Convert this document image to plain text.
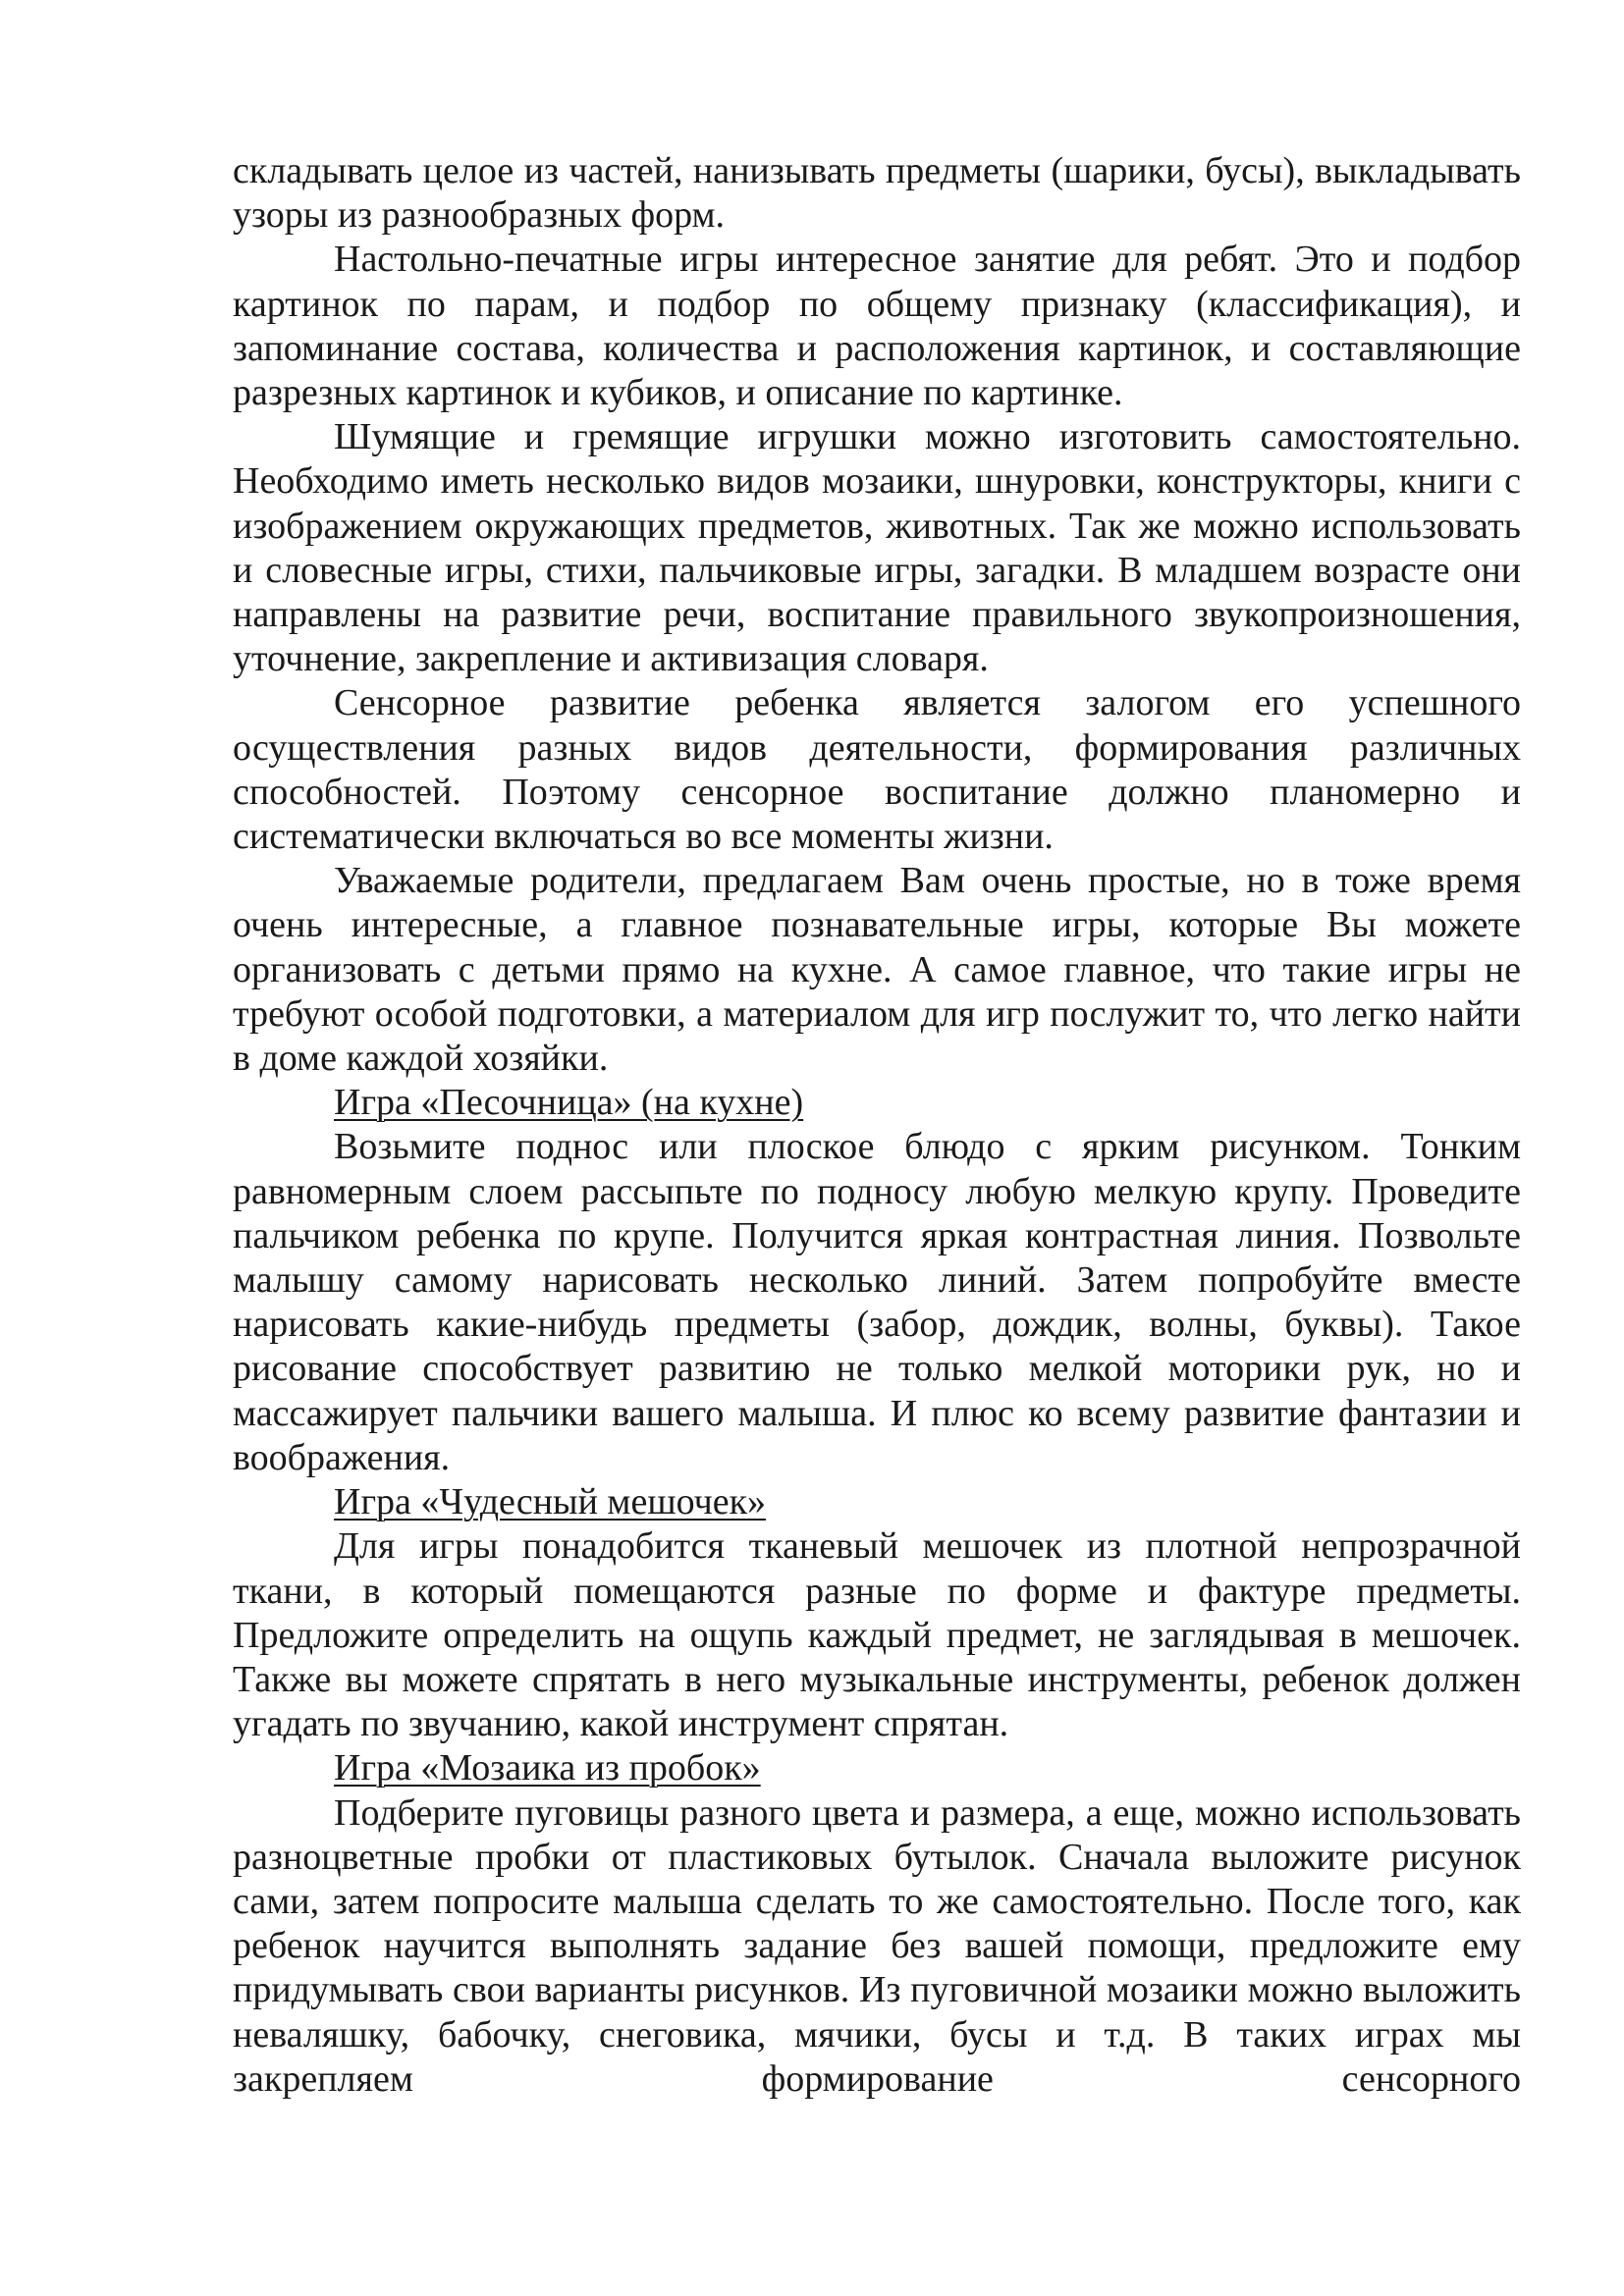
складывать целое из частей, нанизывать предметы (шарики, бусы), выкладывать узоры из разнообразных форм.

Настольно-печатные игры интересное занятие для ребят. Это и подбор картинок по парам, и подбор по общему признаку (классификация), и запоминание состава, количества и расположения картинок, и составляющие разрезных картинок и кубиков, и описание по картинке.

Шумящие и гремящие игрушки можно изготовить самостоятельно. Необходимо иметь несколько видов мозаики, шнуровки, конструкторы, книги с изображением окружающих предметов, животных. Так же можно использовать и словесные игры, стихи, пальчиковые игры, загадки. В младшем возрасте они направлены на развитие речи, воспитание правильного звукопроизношения, уточнение, закрепление и активизация словаря.

Сенсорное развитие ребенка является залогом его успешного осуществления разных видов деятельности, формирования различных способностей. Поэтому сенсорное воспитание должно планомерно и систематически включаться во все моменты жизни.

Уважаемые родители, предлагаем Вам очень простые, но в тоже время очень интересные, а главное познавательные игры, которые Вы можете организовать с детьми прямо на кухне. А самое главное, что такие игры не требуют особой подготовки, а материалом для игр послужит то, что легко найти в доме каждой хозяйки.

Игра «Песочница» (на кухне)

Возьмите поднос или плоское блюдо с ярким рисунком. Тонким равномерным слоем рассыпьте по подносу любую мелкую крупу. Проведите пальчиком ребенка по крупе. Получится яркая контрастная линия. Позвольте малышу самому нарисовать несколько линий. Затем попробуйте вместе нарисовать какие-нибудь предметы (забор, дождик, волны, буквы). Такое рисование способствует развитию не только мелкой моторики рук, но и массажирует пальчики вашего малыша. И плюс ко всему развитие фантазии и воображения.

Игра «Чудесный мешочек»

Для игры понадобится тканевый мешочек из плотной непрозрачной ткани, в который помещаются разные по форме и фактуре предметы. Предложите определить на ощупь каждый предмет, не заглядывая в мешочек. Также вы можете спрятать в него музыкальные инструменты, ребенок должен угадать по звучанию, какой инструмент спрятан.

Игра «Мозаика из пробок»

Подберите пуговицы разного цвета и размера, а еще, можно использовать разноцветные пробки от пластиковых бутылок. Сначала выложите рисунок сами, затем попросите малыша сделать то же самостоятельно. После того, как ребенок научится выполнять задание без вашей помощи, предложите ему придумывать свои варианты рисунков. Из пуговичной мозаики можно выложить неваляшку, бабочку, снеговика, мячики, бусы и т.д. В таких играх мы закрепляем формирование сенсорного
